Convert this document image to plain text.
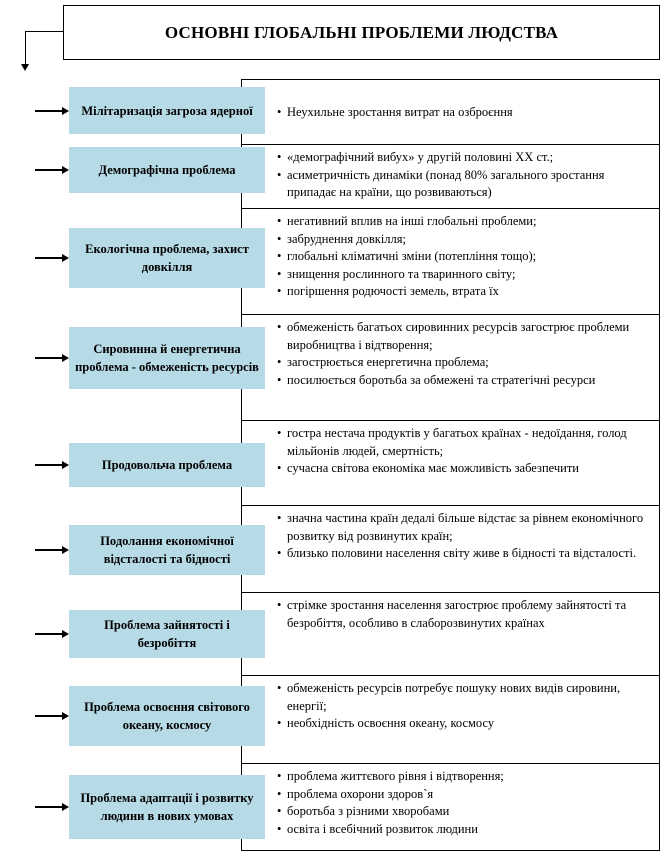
ОСНОВНІ ГЛОБАЛЬНІ ПРОБЛЕМИ ЛЮДСТВА
• Неухильне зростання витрат на озброєння
Мілітаризація загроза ядерної
• «демографічний вибух» у другій половині ХХ ст.;
• асиметричність динаміки (понад 80% загального зростання припадає на країни, що розвиваються)
Демографічна проблема
• негативний вплив на інші глобальні проблеми;
• забруднення довкілля;
• глобальні кліматичні зміни (потепління тощо);
• знищення рослинного та тваринного світу;
• погіршення родючості земель, втрата їх
Екологічна проблема, захист довкілля
• обмеженість багатьох сировинних ресурсів загострює проблеми виробництва і відтворення;
• загострюється енергетична проблема;
• посилюється боротьба за обмежені та стратегічні ресурси
Сировинна й енергетична проблема - обмеженість ресурсів
• гостра нестача продуктів у багатьох країнах - недоїдання, голод мільйонів людей, смертність;
• сучасна світова економіка має можливість забезпечити
Продовольча проблема
• значна частина країн дедалі більше відстає за рівнем економічного розвитку від розвинутих країн;
• близько половини населення світу живе в бідності та відсталості.
Подолання економічної відсталості та бідності
• стрімке зростання населення загострює проблему зайнятості та безробіття, особливо в слаборозвинутих країнах
Проблема зайнятості і безробіття
• обмеженість ресурсів потребує пошуку нових видів сировини, енергії;
• необхідність освоєння океану, космосу
Проблема освоєння світового океану, космосу
• проблема життєвого рівня і відтворення;
• проблема охорони здоров`я
• боротьба з різними хворобами
• освіта і всебічний розвиток людини
Проблема адаптації і розвитку людини в нових умовах
